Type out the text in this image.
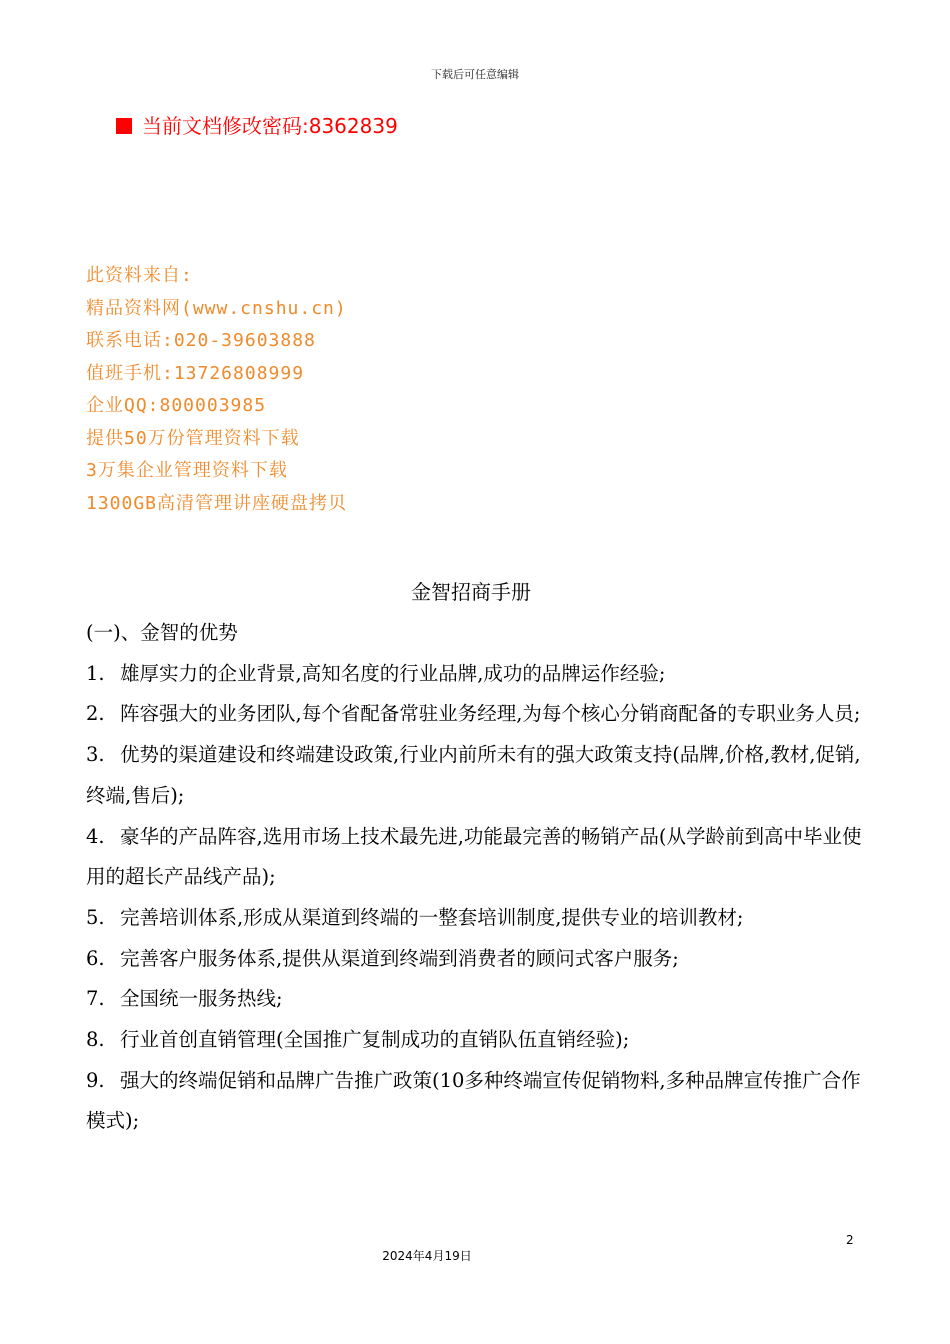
下载后可任意编辑
当前文档修改密码:8362839
此资料来自:
精品资料网(www.cnshu.cn)
联系电话:020-39603888
值班手机:13726808999
企业QQ:800003985
提供50万份管理资料下载
3万集企业管理资料下载
1300GB高清管理讲座硬盘拷贝
金智招商手册

(一)、金智的优势

1. 雄厚实力的企业背景,高知名度的行业品牌,成功的品牌运作经验;

2. 阵容强大的业务团队,每个省配备常驻业务经理,为每个核心分销商配备的专职业务人员;

3. 优势的渠道建设和终端建设政策,行业内前所未有的强大政策支持(品牌,价格,教材,促销,终端,售后);

4. 豪华的产品阵容,选用市场上技术最先进,功能最完善的畅销产品(从学龄前到高中毕业使用的超长产品线产品);

5. 完善培训体系,形成从渠道到终端的一整套培训制度,提供专业的培训教材;

6. 完善客户服务体系,提供从渠道到终端到消费者的顾问式客户服务;

7. 全国统一服务热线;

8. 行业首创直销管理(全国推广复制成功的直销队伍直销经验);

9. 强大的终端促销和品牌广告推广政策(10多种终端宣传促销物料,多种品牌宣传推广合作模式);

2
2024年4月19日
